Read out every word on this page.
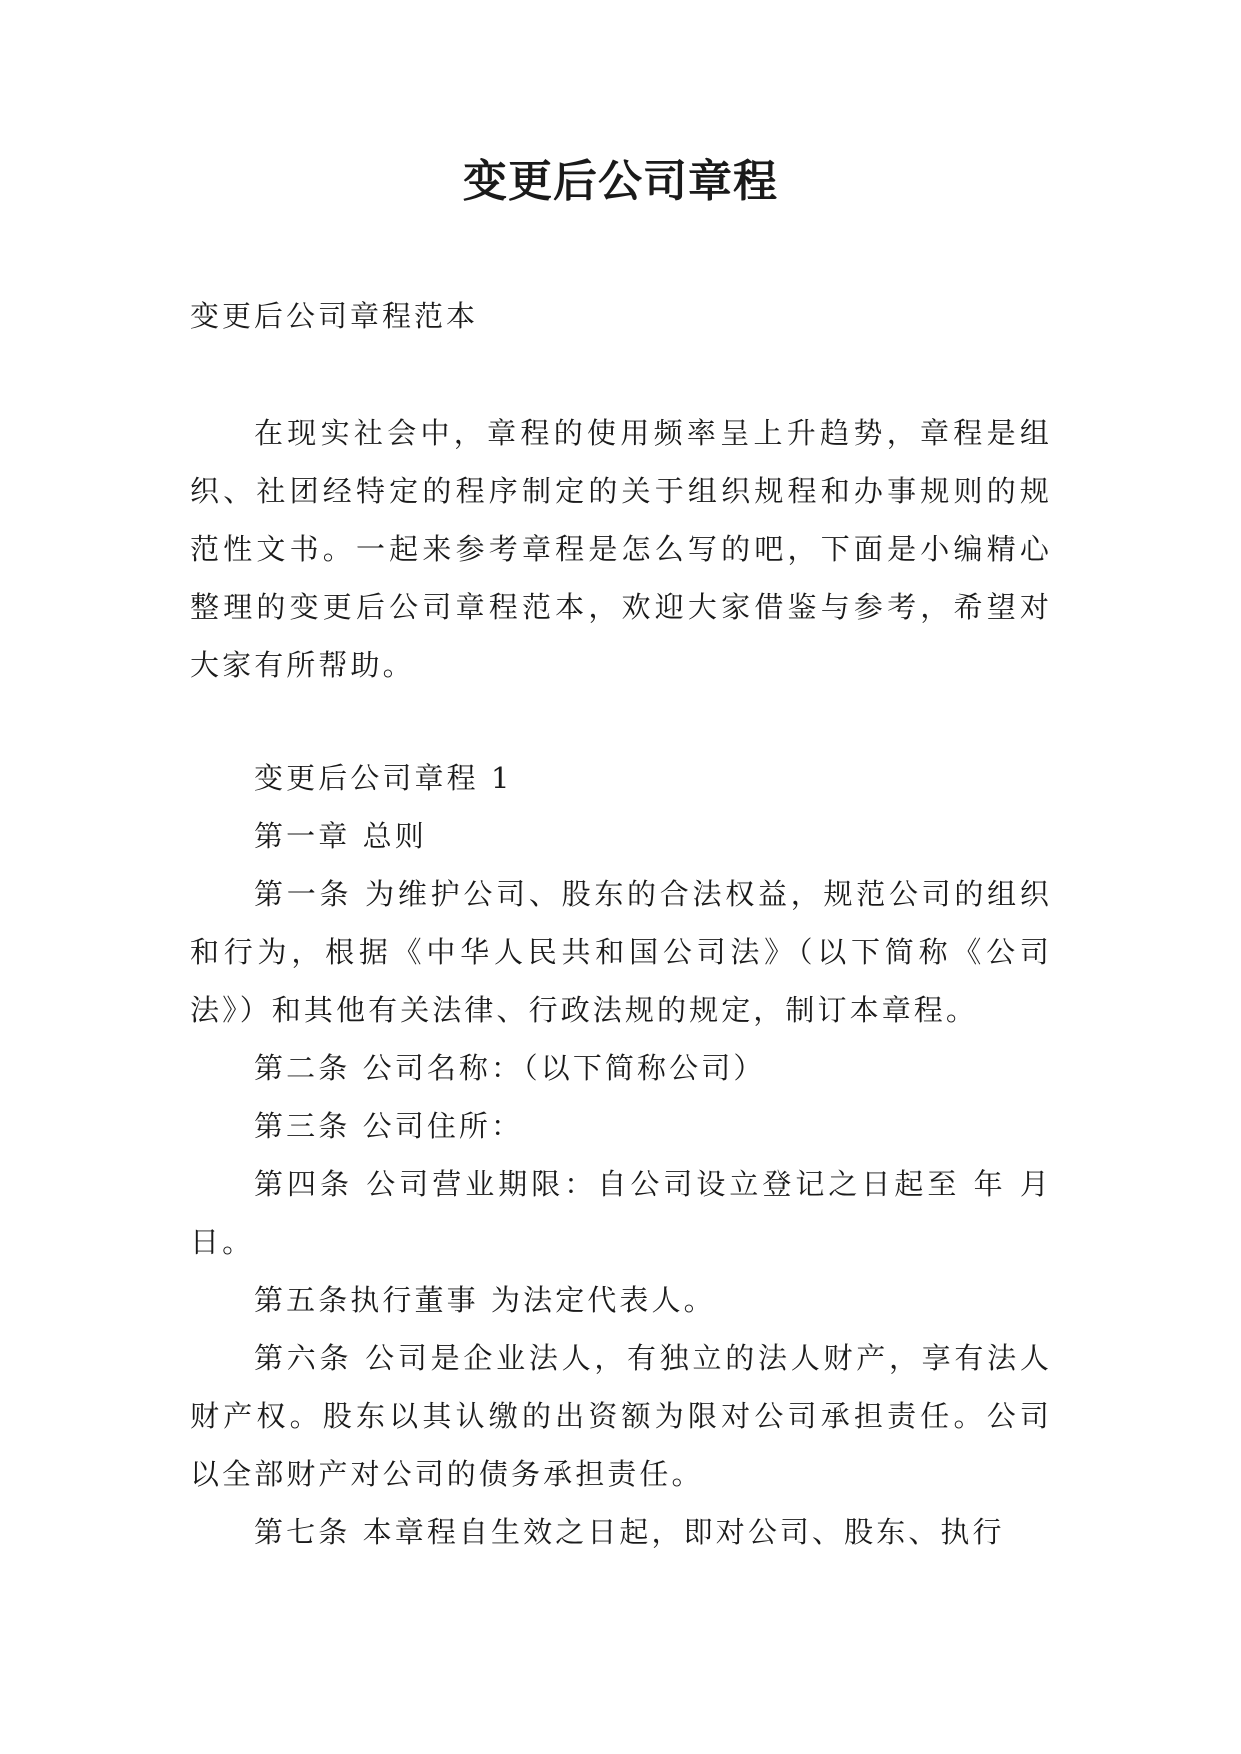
变更后公司章程
变更后公司章程范本

在现实社会中，章程的使用频率呈上升趋势，章程是组织、社团经特定的程序制定的关于组织规程和办事规则的规范性文书。一起来参考章程是怎么写的吧，下面是小编精心整理的变更后公司章程范本，欢迎大家借鉴与参考，希望对大家有所帮助。

变更后公司章程 1

第一章 总则

第一条 为维护公司、股东的合法权益，规范公司的组织和行为，根据《中华人民共和国公司法》（以下简称《公司法》）和其他有关法律、行政法规的规定，制订本章程。

第二条 公司名称：（以下简称公司）

第三条 公司住所：

第四条 公司营业期限：自公司设立登记之日起至 年 月 日。

第五条执行董事 为法定代表人。

第六条 公司是企业法人，有独立的法人财产，享有法人财产权。股东以其认缴的出资额为限对公司承担责任。公司以全部财产对公司的债务承担责任。

第七条 本章程自生效之日起，即对公司、股东、执行
